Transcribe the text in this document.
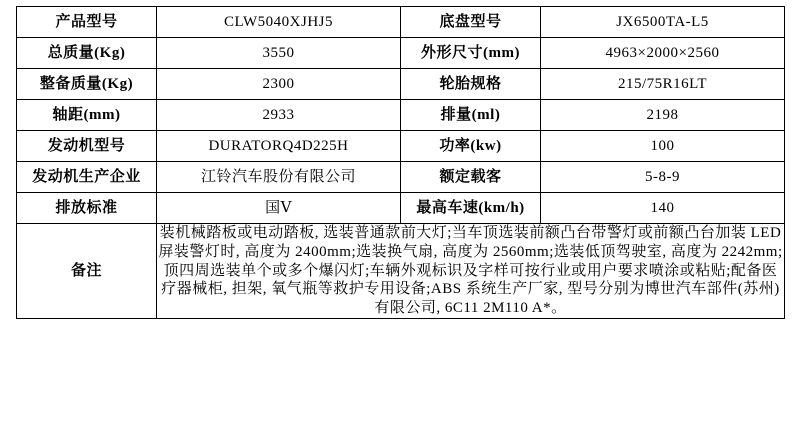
产品型号	CLW5040XJHJ5	底盘型号	JX6500TA-L5
总质量(Kg)	3550	外形尺寸(mm)	4963×2000×2560
整备质量(Kg)	2300	轮胎规格	215/75R16LT
轴距(mm)	2933	排量(ml)	2198
发动机型号	DURATORQ4D225H	功率(kw)	100
发动机生产企业	江铃汽车股份有限公司	额定载客	5-8-9
排放标准	国Ⅴ	最高车速(km/h)	140
备注	装机械踏板或电动踏板, 选装普通款前大灯;当车顶选装前额凸台带警灯或前额凸台加装 LED 屏装警灯时, 高度为 2400mm;选装换气扇, 高度为 2560mm;选装低顶驾驶室, 高度为 2242mm;顶四周选装单个或多个爆闪灯;车辆外观标识及字样可按行业或用户要求喷涂或粘贴;配备医疗器械柜, 担架, 氧气瓶等救护专用设备;ABS 系统生产厂家, 型号分别为博世汽车部件(苏州)有限公司, 6C11 2M110 A*。		
